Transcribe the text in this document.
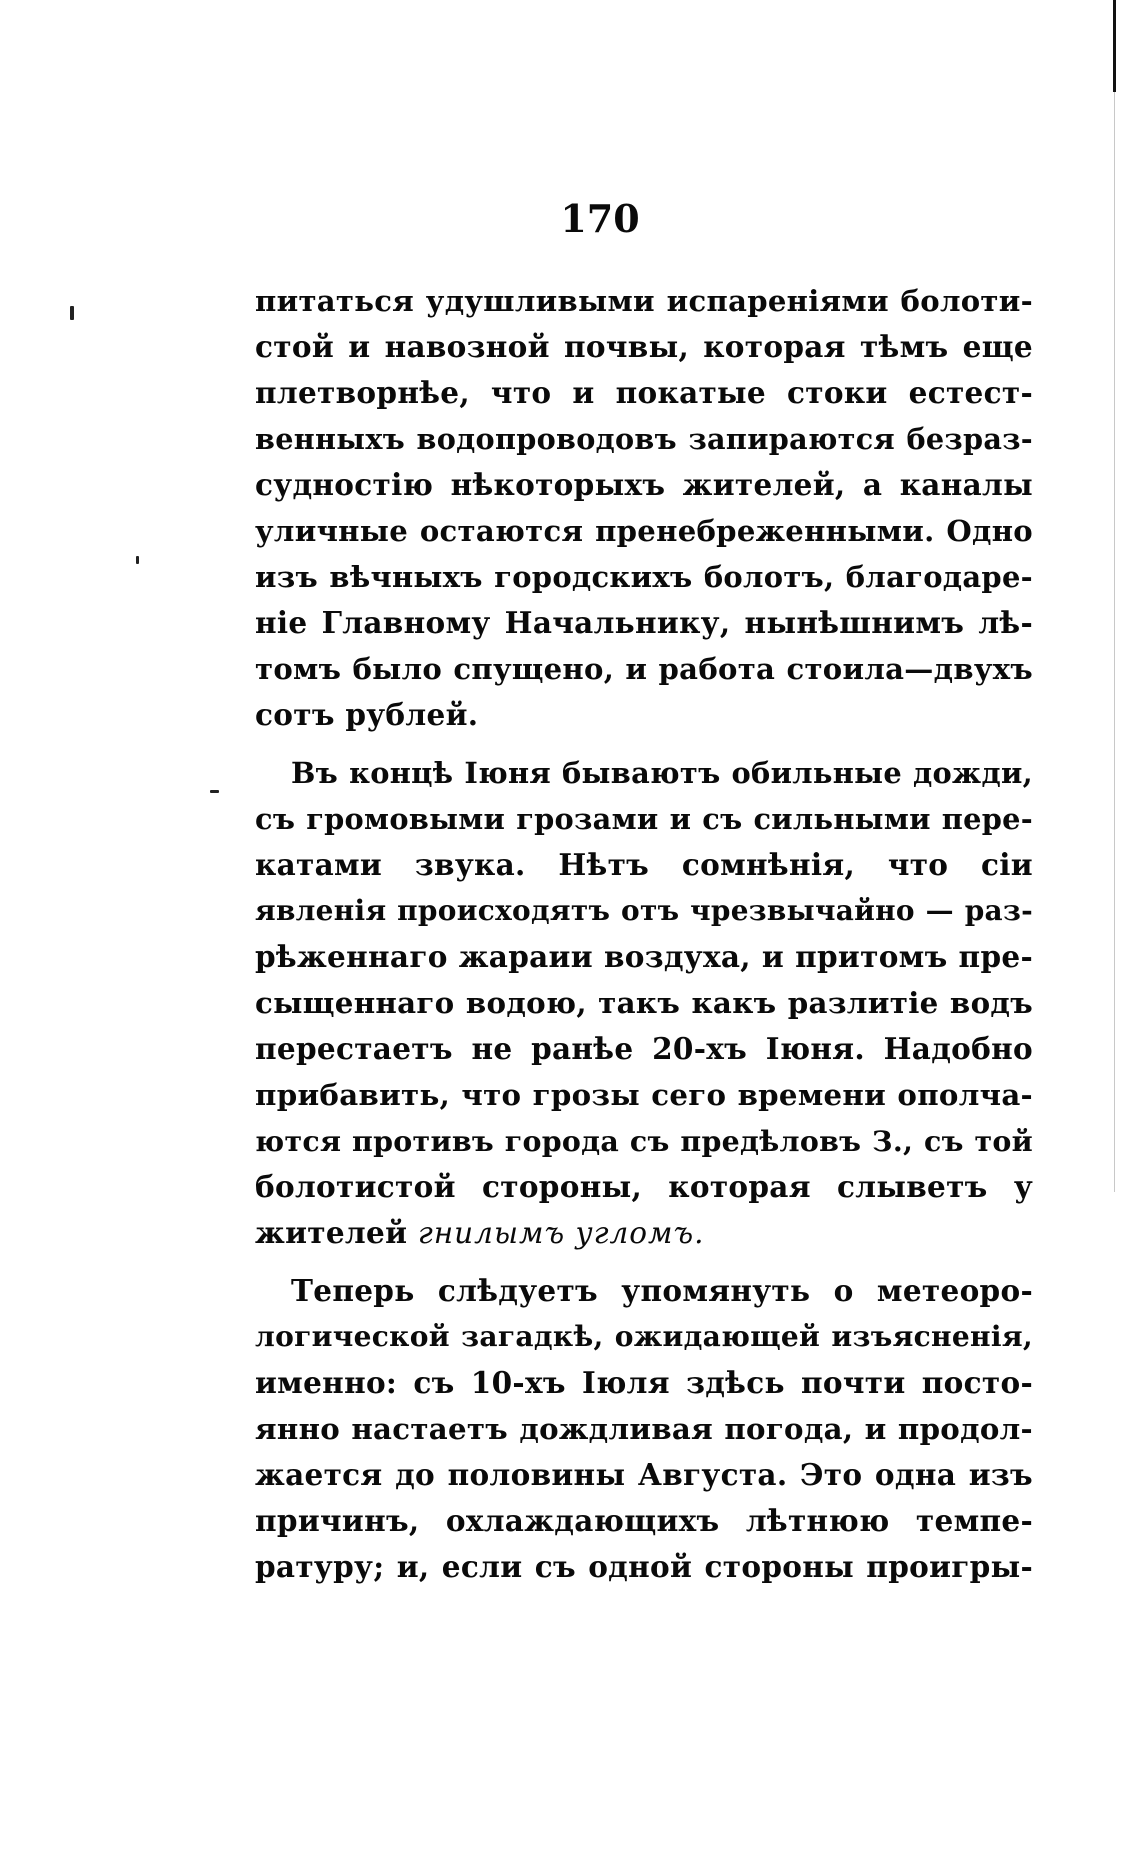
170
питаться удушливыми испареніями болоти-
стой и навозной почвы, которая тѣмъ еще
плетворнѣе, что и покатые стоки естест-
венныхъ водопроводовъ запираются безраз-
судностію нѣкоторыхъ жителей, а каналы
уличные остаются пренебреженными. Одно
изъ вѣчныхъ городскихъ болотъ, благодаре-
ніе Главному Начальнику, нынѣшнимъ лѣ-
томъ было спущено, и работа стоила—двухъ
сотъ рублей.
Въ концѣ Іюня бываютъ обильные дожди,
съ громовыми грозами и съ сильными пере-
катами звука. Нѣтъ сомнѣнія, что сіи
явленія происходятъ отъ чрезвычайно — раз-
рѣженнаго жараии воздуха, и притомъ пре-
сыщеннаго водою, такъ какъ разлитіе водъ
перестаетъ не ранѣе 20-хъ Іюня. Надобно
прибавить, что грозы сего времени ополча-
ются противъ города съ предѣловъ З., съ той
болотистой стороны, которая слыветъ у
жителей гнилымъ угломъ.
Теперь слѣдуетъ упомянуть о метеоро-
логической загадкѣ, ожидающей изъясненія,
именно: съ 10-хъ Іюля здѣсь почти посто-
янно настаетъ дождливая погода, и продол-
жается до половины Августа. Это одна изъ
причинъ, охлаждающихъ лѣтнюю темпе-
ратуру; и, если съ одной стороны проигры-
